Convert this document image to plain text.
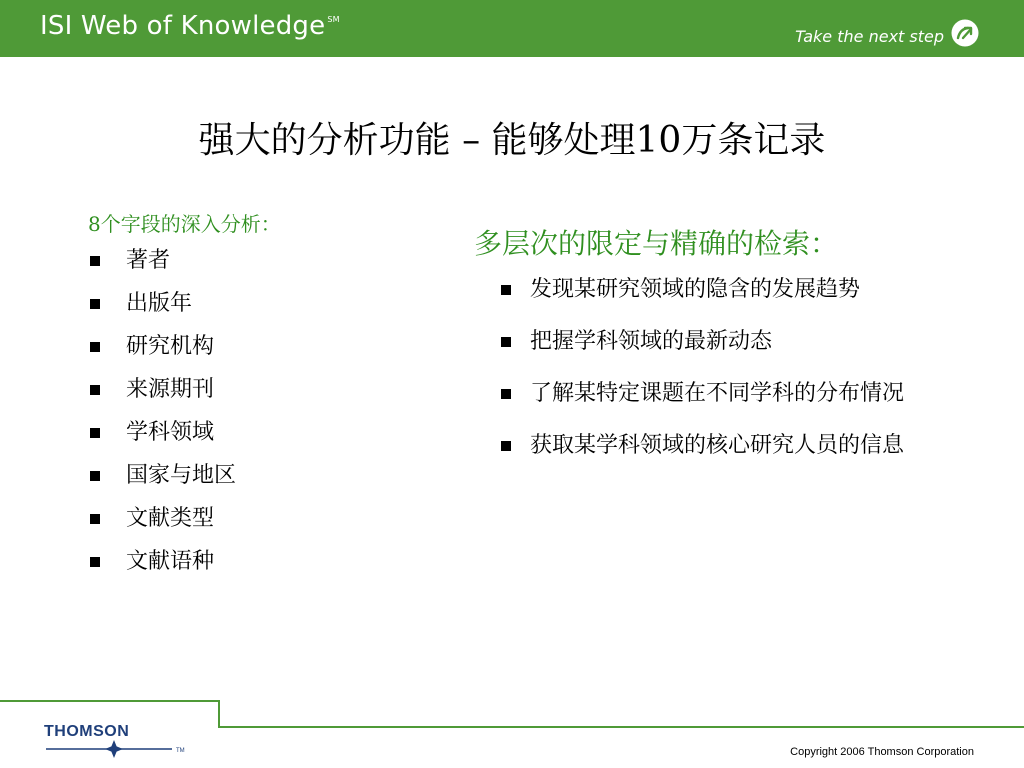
ISI Web of Knowledge ℠
Take the next step
强大的分析功能 – 能够处理10万条记录
8个字段的深入分析：
著者
出版年
研究机构
来源期刊
学科领域
国家与地区
文献类型
文献语种
多层次的限定与精确的检索：
发现某研究领域的隐含的发展趋势
把握学科领域的最新动态
了解某特定课题在不同学科的分布情况
获取某学科领域的核心研究人员的信息
THOMSON
TM	Copyright 2006 Thomson Corporation
